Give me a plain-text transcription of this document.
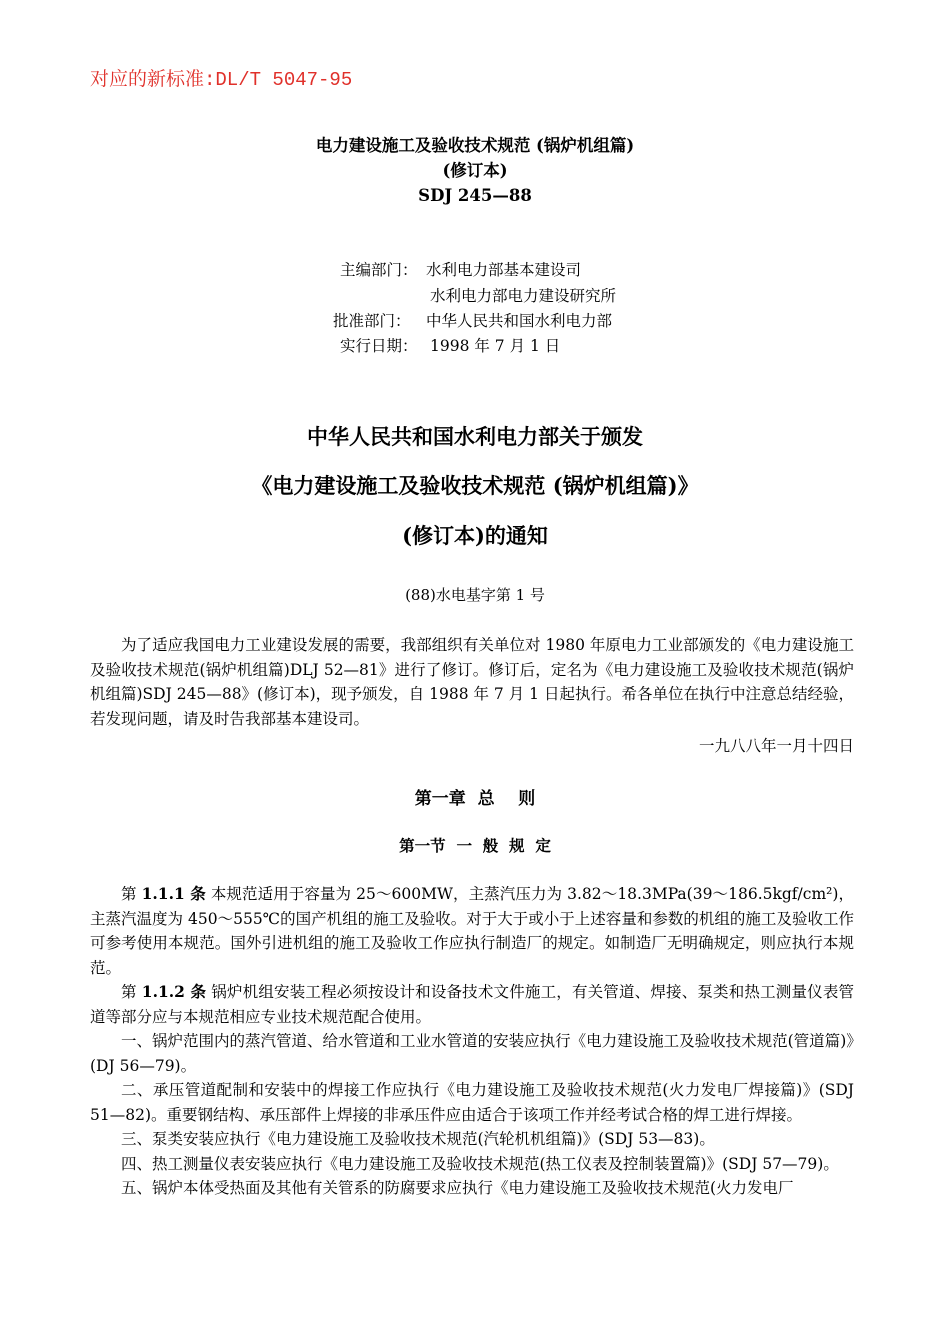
对应的新标准:DL/T 5047-95
电力建设施工及验收技术规范 (锅炉机组篇)
(修订本)
SDJ 245—88
主编部门： 水利电力部基本建设司
水利电力部电力建设研究所
批准部门： 中华人民共和国水利电力部
实行日期： 1998 年 7 月 1 日
中华人民共和国水利电力部关于颁发
《电力建设施工及验收技术规范 (锅炉机组篇)》
(修订本)的通知
(88)水电基字第 1 号

为了适应我国电力工业建设发展的需要，我部组织有关单位对 1980 年原电力工业部颁发的《电力建设施工及验收技术规范(锅炉机组篇)DLJ 52—81》进行了修订。修订后，定名为《电力建设施工及验收技术规范(锅炉机组篇)SDJ 245—88》(修订本)，现予颁发，自 1988 年 7 月 1 日起执行。希各单位在执行中注意总结经验，若发现问题，请及时告我部基本建设司。

一九八八年一月十四日
第一章  总    则
第一节  一  般  规  定

第 1.1.1 条 本规范适用于容量为 25～600MW，主蒸汽压力为 3.82～18.3MPa(39～186.5kgf/cm²)，主蒸汽温度为 450～555℃的国产机组的施工及验收。对于大于或小于上述容量和参数的机组的施工及验收工作可参考使用本规范。国外引进机组的施工及验收工作应执行制造厂的规定。如制造厂无明确规定，则应执行本规范。

第 1.1.2 条 锅炉机组安装工程必须按设计和设备技术文件施工，有关管道、焊接、泵类和热工测量仪表管道等部分应与本规范相应专业技术规范配合使用。

一、锅炉范围内的蒸汽管道、给水管道和工业水管道的安装应执行《电力建设施工及验收技术规范(管道篇)》(DJ 56—79)。

二、承压管道配制和安装中的焊接工作应执行《电力建设施工及验收技术规范(火力发电厂焊接篇)》(SDJ 51—82)。重要钢结构、承压部件上焊接的非承压件应由适合于该项工作并经考试合格的焊工进行焊接。

三、泵类安装应执行《电力建设施工及验收技术规范(汽轮机机组篇)》(SDJ 53—83)。

四、热工测量仪表安装应执行《电力建设施工及验收技术规范(热工仪表及控制装置篇)》(SDJ 57—79)。

五、锅炉本体受热面及其他有关管系的防腐要求应执行《电力建设施工及验收技术规范(火力发电厂
